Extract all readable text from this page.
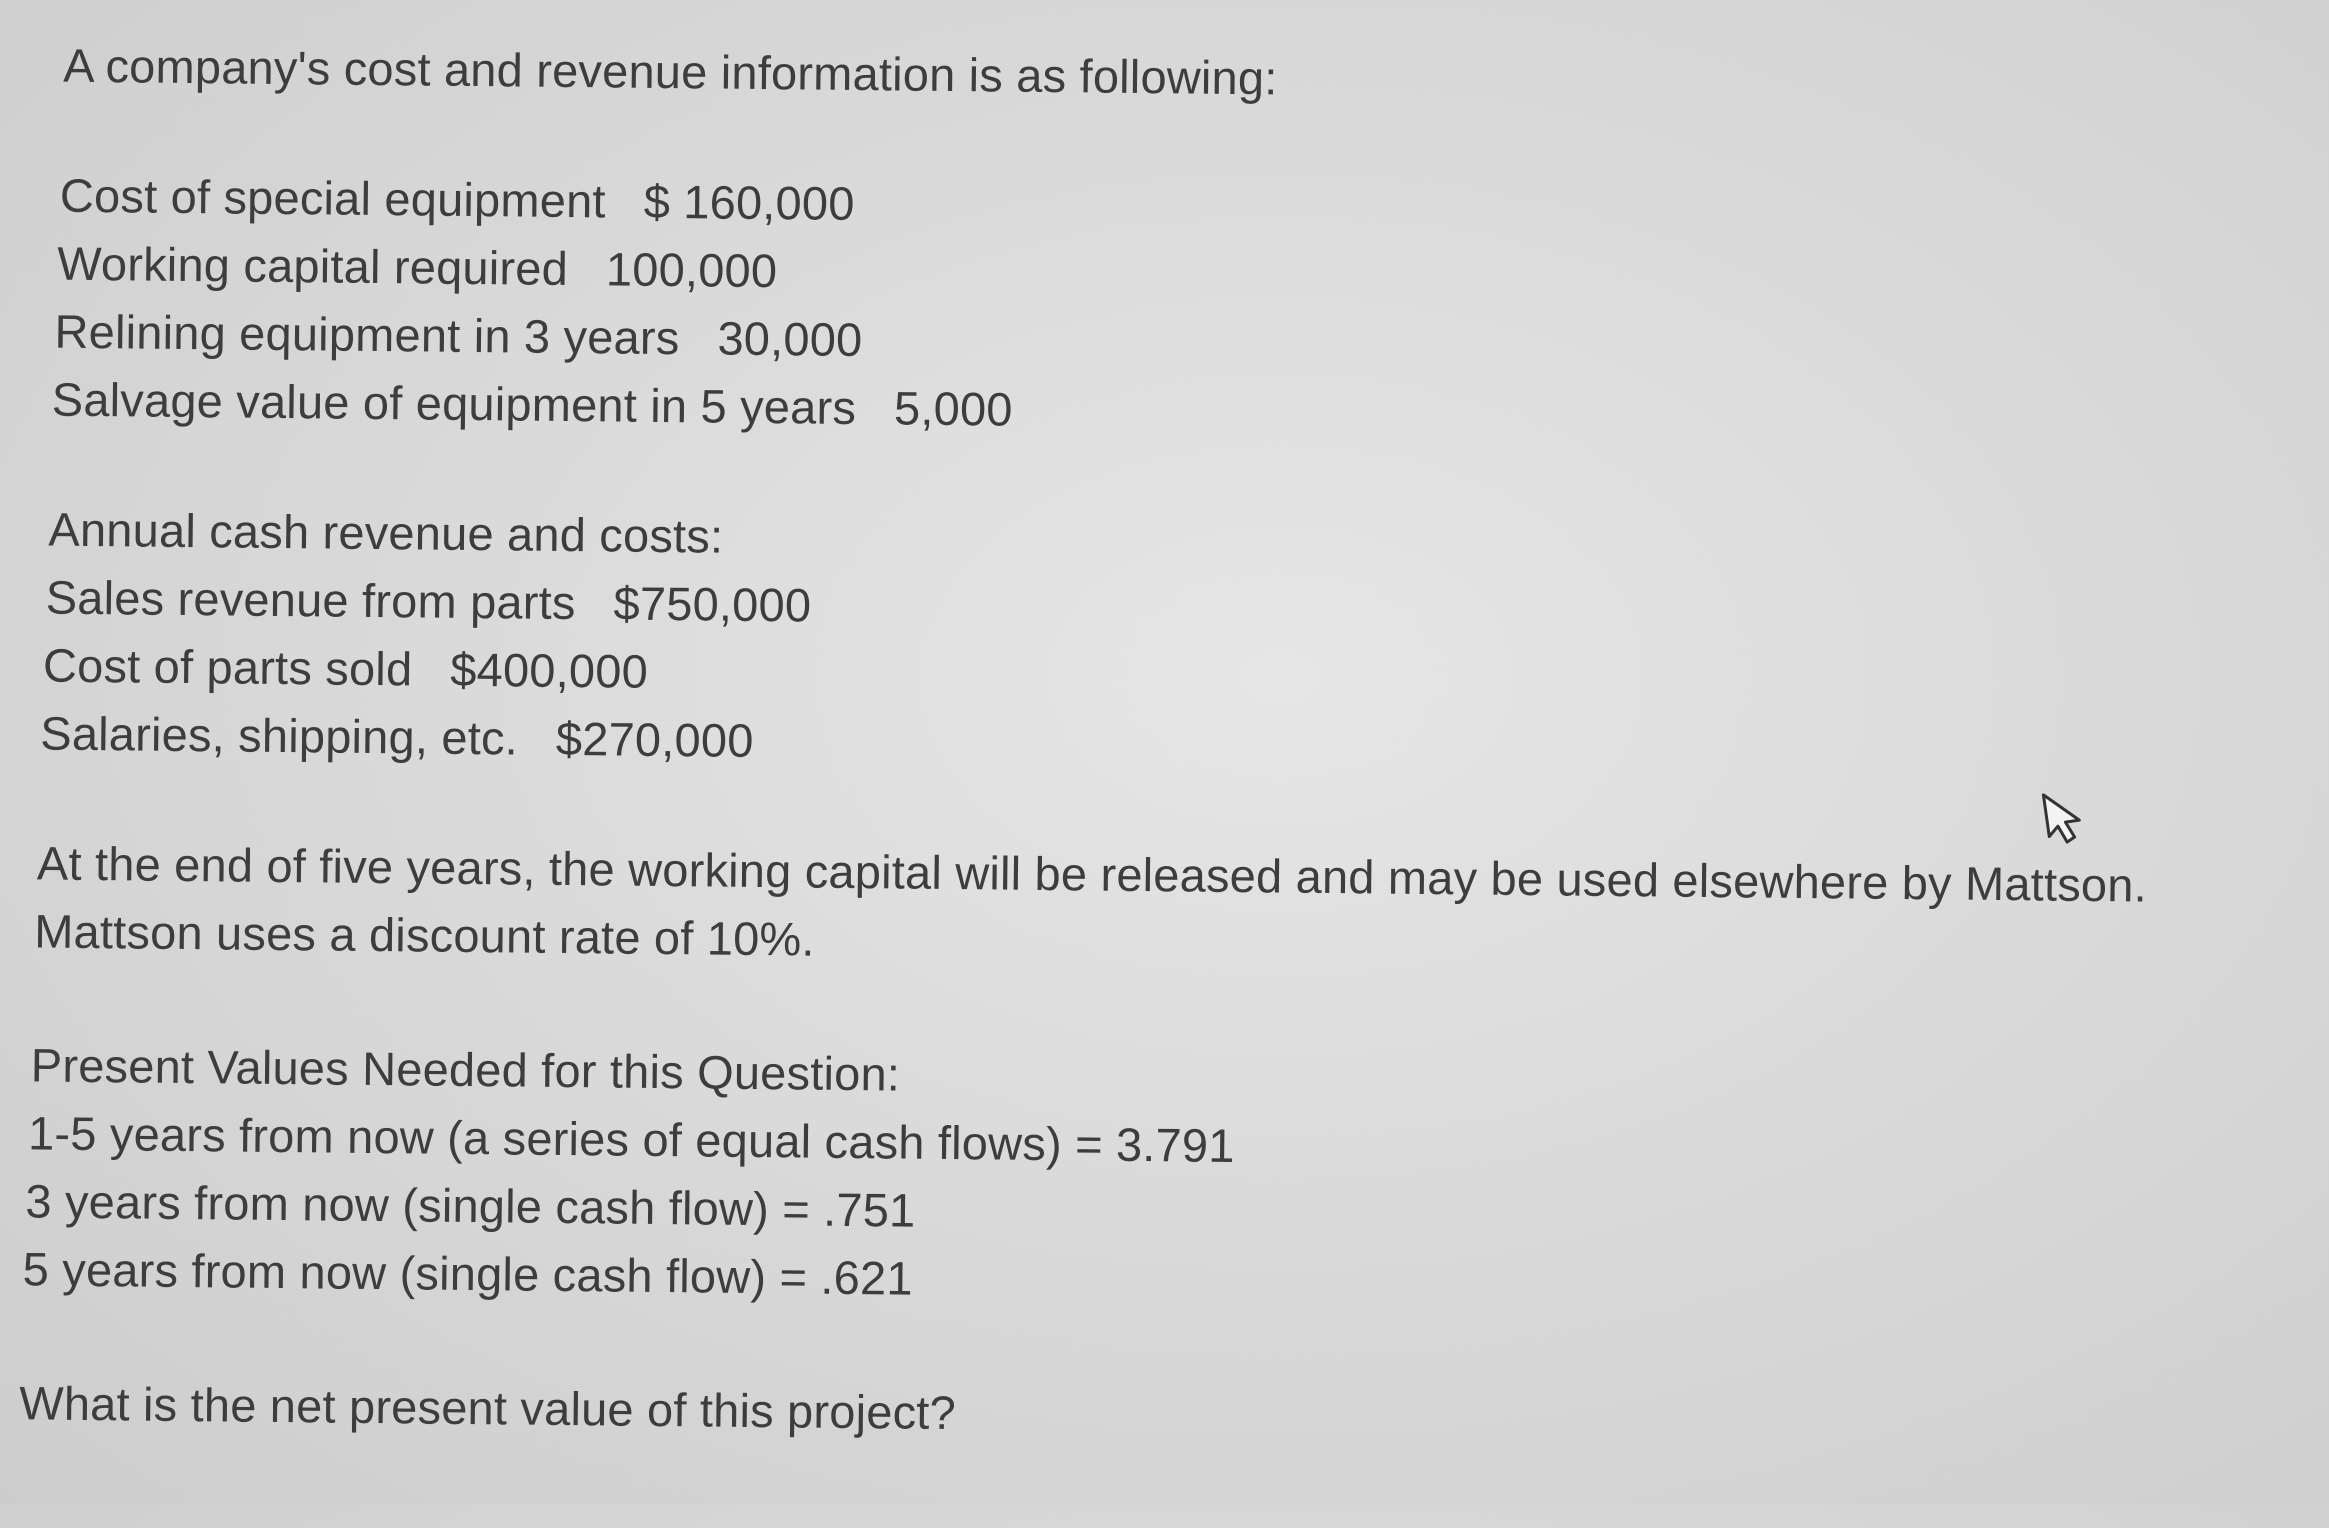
A company's cost and revenue information is as following:
Cost of special equipment $ 160,000
Working capital required 100,000
Relining equipment in 3 years 30,000
Salvage value of equipment in 5 years 5,000
Annual cash revenue and costs:
Sales revenue from parts $750,000
Cost of parts sold $400,000
Salaries, shipping, etc. $270,000
At the end of five years, the working capital will be released and may be used elsewhere by Mattson.
Mattson uses a discount rate of 10%.
Present Values Needed for this Question:
1-5 years from now (a series of equal cash flows) = 3.791
3 years from now (single cash flow) = .751
5 years from now (single cash flow) = .621
What is the net present value of this project?
